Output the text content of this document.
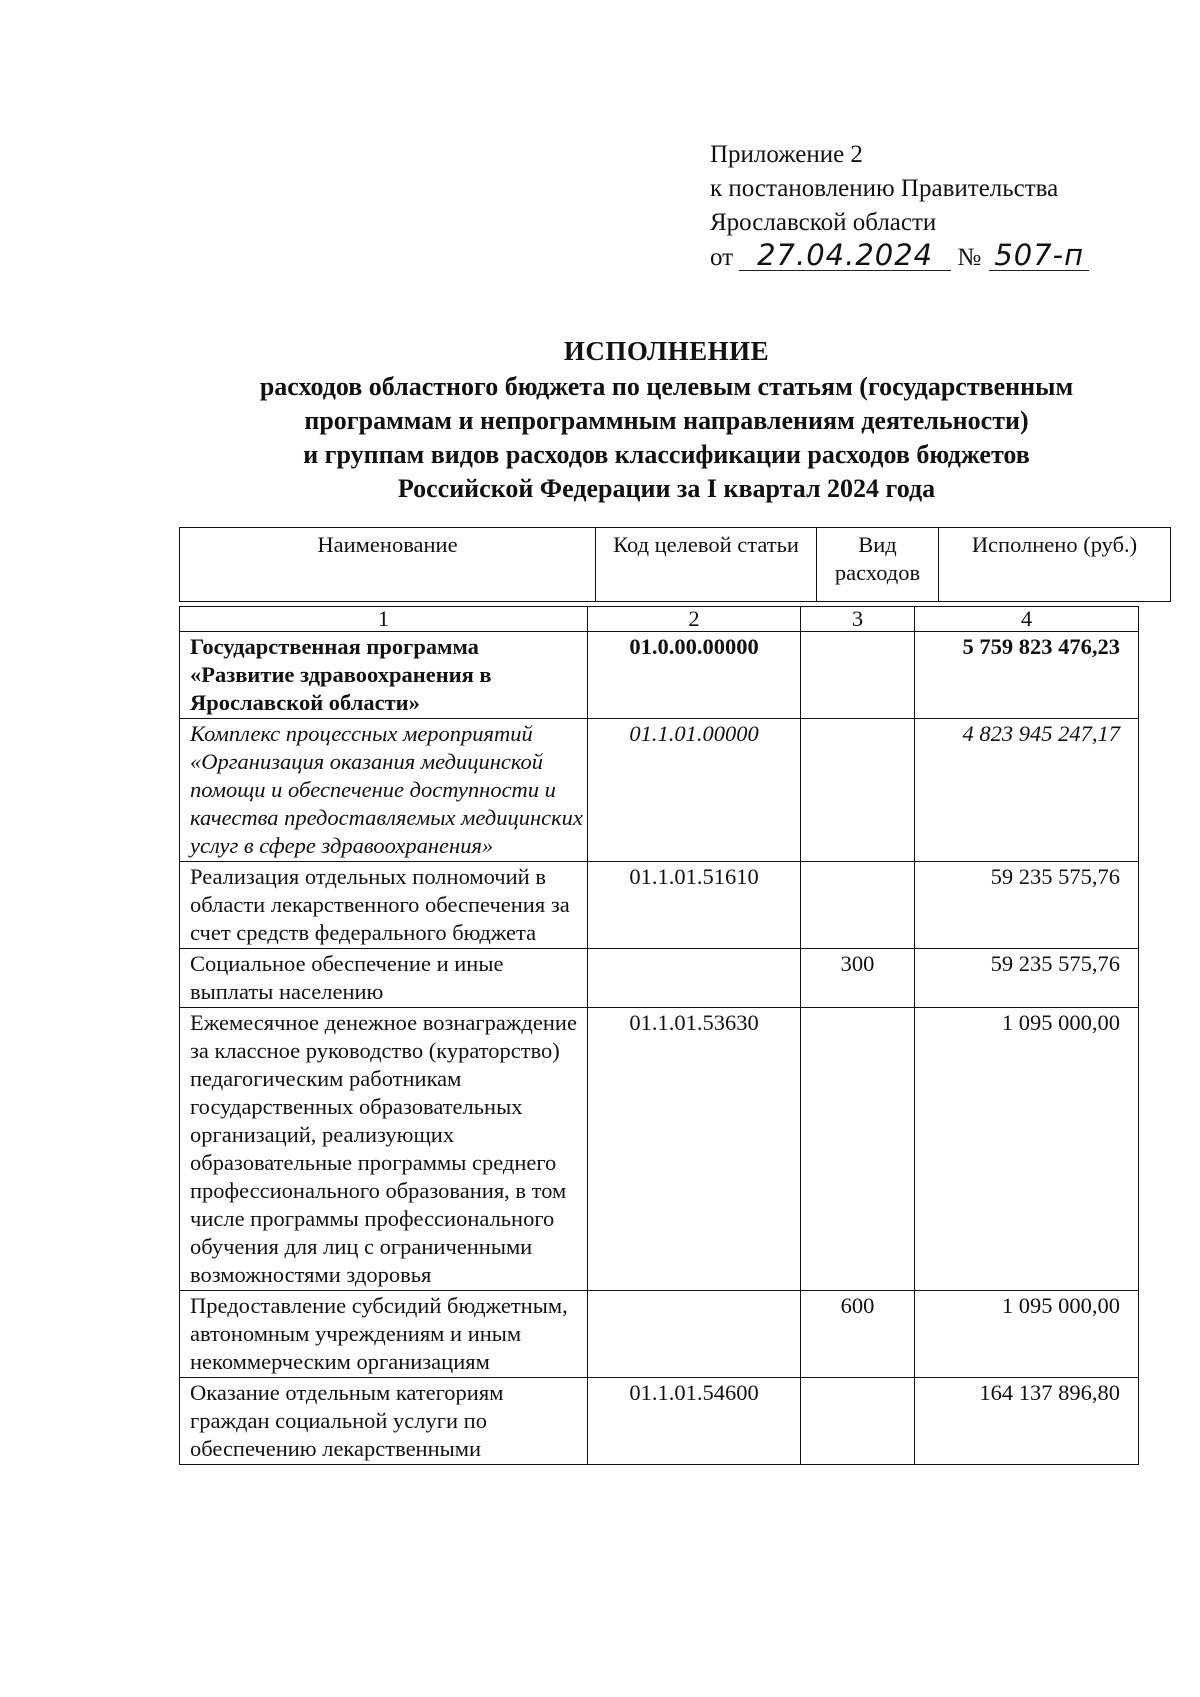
Приложение 2
к постановлению Правительства
Ярославской области
от 27.04.2024 № 507-п
ИСПОЛНЕНИЕ
расходов областного бюджета по целевым статьям (государственным
программам и непрограммным направлениям деятельности)
и группам видов расходов классификации расходов бюджетов
Российской Федерации за I квартал 2024 года
Наименование	Код целевой статьи	Вид расходов	Исполнено (руб.)
1	2	3	4
Государственная программа «Развитие здравоохранения в Ярославской области»	01.0.00.00000		5 759 823 476,23
Комплекс процессных мероприятий «Организация оказания медицинской помощи и обеспечение доступности и качества предоставляемых медицинских услуг в сфере здравоохранения»	01.1.01.00000		4 823 945 247,17
Реализация отдельных полномочий в области лекарственного обеспечения за счет средств федерального бюджета	01.1.01.51610		59 235 575,76
Социальное обеспечение и иные выплаты населению		300	59 235 575,76
Ежемесячное денежное вознаграждение за классное руководство (кураторство) педагогическим работникам государственных образовательных организаций, реализующих образовательные программы среднего профессионального образования, в том числе программы профессионального обучения для лиц с ограниченными возможностями здоровья	01.1.01.53630		1 095 000,00
Предоставление субсидий бюджетным, автономным учреждениям и иным некоммерческим организациям		600	1 095 000,00
Оказание отдельным категориям граждан социальной услуги по обеспечению лекарственными	01.1.01.54600		164 137 896,80
